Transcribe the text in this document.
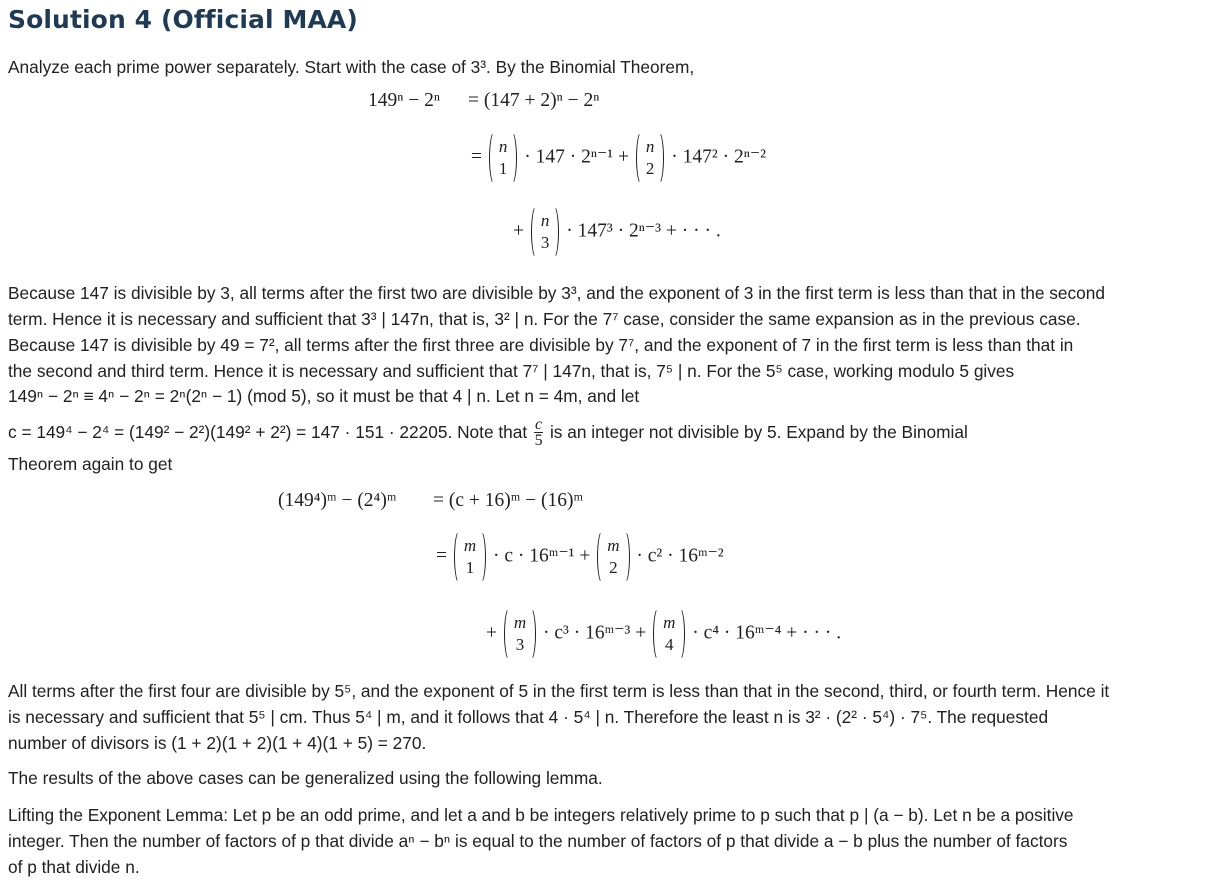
Solution 4 (Official MAA)
Analyze each prime power separately. Start with the case of 3³. By the Binomial Theorem,
149ⁿ − 2ⁿ = (147 + 2)ⁿ − 2ⁿ
= n
1
· 147 · 2ⁿ⁻¹ + n
2
· 147² · 2ⁿ⁻²
+ n
3
· 147³ · 2ⁿ⁻³ + · · · .
Because 147 is divisible by 3, all terms after the first two are divisible by 3³, and the exponent of 3 in the first term is less than that in the second
term. Hence it is necessary and sufficient that 3³ | 147n, that is, 3² | n. For the 7⁷ case, consider the same expansion as in the previous case.
Because 147 is divisible by 49 = 7², all terms after the first three are divisible by 7⁷, and the exponent of 7 in the first term is less than that in
the second and third term. Hence it is necessary and sufficient that 7⁷ | 147n, that is, 7⁵ | n. For the 5⁵ case, working modulo 5 gives
149ⁿ − 2ⁿ ≡ 4ⁿ − 2ⁿ = 2ⁿ(2ⁿ − 1) (mod 5), so it must be that 4 | n. Let n = 4m, and let
c = 149⁴ − 2⁴ = (149² − 2²)(149² + 2²) = 147 · 151 · 22205. Note that $\frac{c}{5}$ is an integer not divisible by 5. Expand by the Binomial
Theorem again to get
(149⁴)ᵐ − (2⁴)ᵐ = (c + 16)ᵐ − (16)ᵐ
= m
1
· c · 16ᵐ⁻¹ + m
2
· c² · 16ᵐ⁻²
+ m
3
· c³ · 16ᵐ⁻³ + m
4
· c⁴ · 16ᵐ⁻⁴ + · · · .
All terms after the first four are divisible by 5⁵, and the exponent of 5 in the first term is less than that in the second, third, or fourth term. Hence it
is necessary and sufficient that 5⁵ | cm. Thus 5⁴ | m, and it follows that 4 · 5⁴ | n. Therefore the least n is 3² · (2² · 5⁴) · 7⁵. The requested
number of divisors is (1 + 2)(1 + 2)(1 + 4)(1 + 5) = 270.
The results of the above cases can be generalized using the following lemma.
Lifting the Exponent Lemma: Let p be an odd prime, and let a and b be integers relatively prime to p such that p | (a − b). Let n be a positive
integer. Then the number of factors of p that divide aⁿ − bⁿ is equal to the number of factors of p that divide a − b plus the number of factors
of p that divide n.
